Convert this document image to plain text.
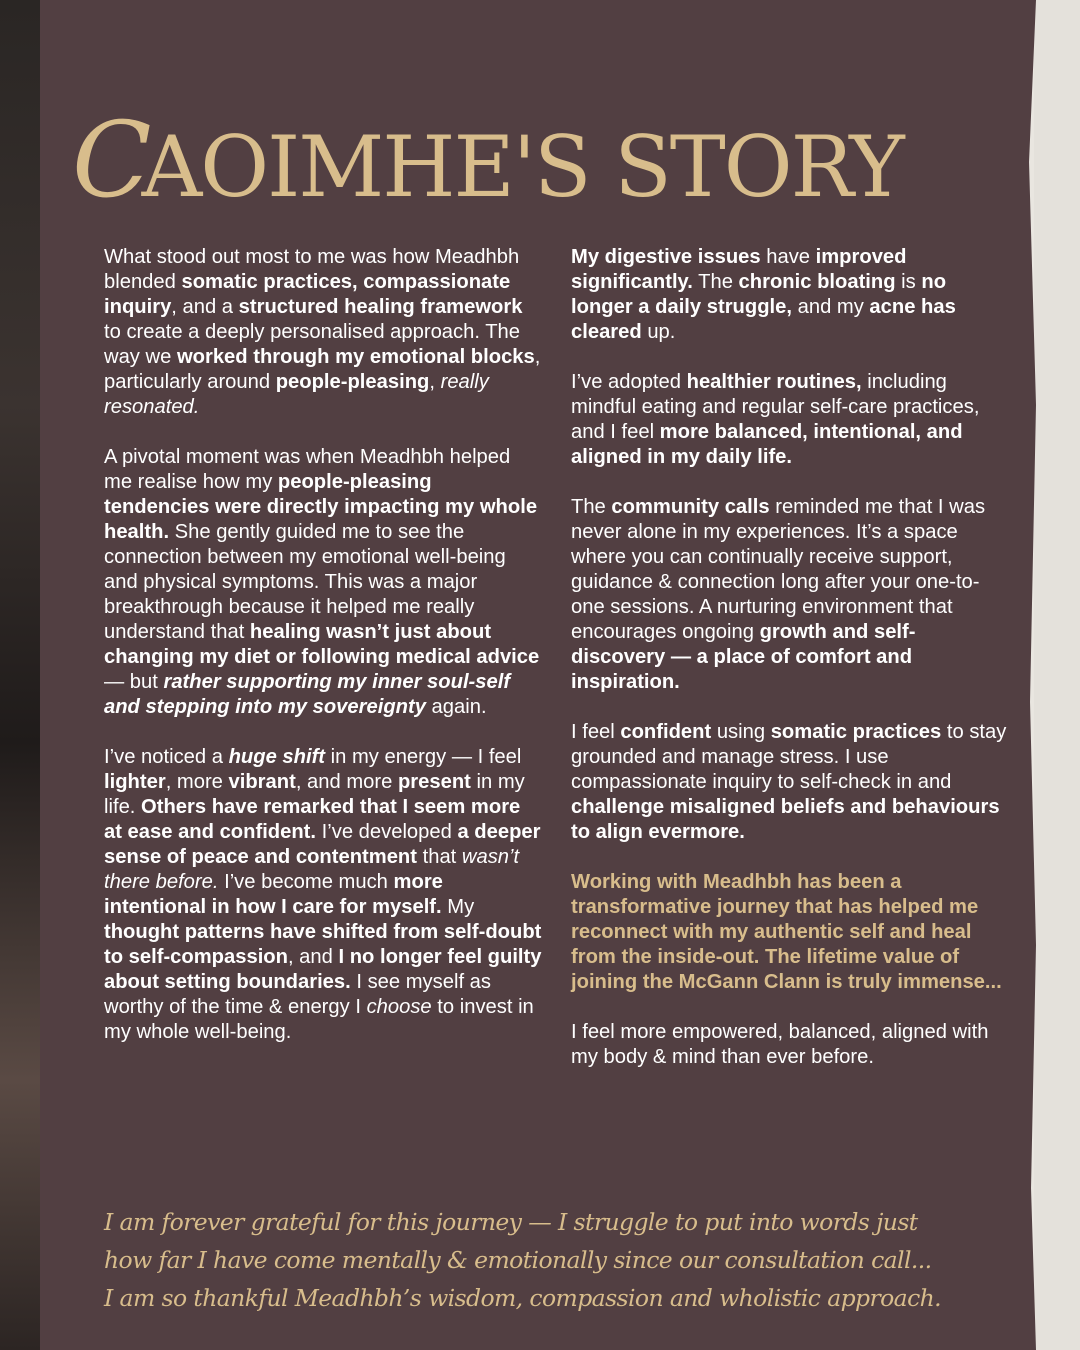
CAOIMHE'S STORY

What stood out most to me was how Meadhbh blended somatic practices, compassionate inquiry, and a structured healing framework to create a deeply personalised approach. The way we worked through my emotional blocks, particularly around people-pleasing, really resonated.

A pivotal moment was when Meadhbh helped me realise how my people-pleasing tendencies were directly impacting my whole health. She gently guided me to see the connection between my emotional well-being and physical symptoms. This was a major breakthrough because it helped me really understand that healing wasn’t just about changing my diet or following medical advice — but rather supporting my inner soul-self and stepping into my sovereignty again.

I’ve noticed a huge shift in my energy — I feel lighter, more vibrant, and more present in my life. Others have remarked that I seem more at ease and confident. I’ve developed a deeper sense of peace and contentment that wasn’t there before. I’ve become much more intentional in how I care for myself. My thought patterns have shifted from self-doubt to self-compassion, and I no longer feel guilty about setting boundaries. I see myself as worthy of the time & energy I choose to invest in my whole well-being.

My digestive issues have improved significantly. The chronic bloating is no longer a daily struggle, and my acne has cleared up.

I’ve adopted healthier routines, including mindful eating and regular self-care practices, and I feel more balanced, intentional, and aligned in my daily life.

The community calls reminded me that I was never alone in my experiences. It’s a space where you can continually receive support, guidance & connection long after your one-to-one sessions. A nurturing environment that encourages ongoing growth and self-discovery — a place of comfort and inspiration.

I feel confident using somatic practices to stay grounded and manage stress. I use compassionate inquiry to self-check in and challenge misaligned beliefs and behaviours to align evermore.

Working with Meadhbh has been a transformative journey that has helped me reconnect with my authentic self and heal from the inside-out. The lifetime value of joining the McGann Clann is truly immense...

I feel more empowered, balanced, aligned with my body & mind than ever before.

I am forever grateful for this journey — I struggle to put into words just
how far I have come mentally & emotionally since our consultation call...
I am so thankful Meadhbh’s wisdom, compassion and wholistic approach.
